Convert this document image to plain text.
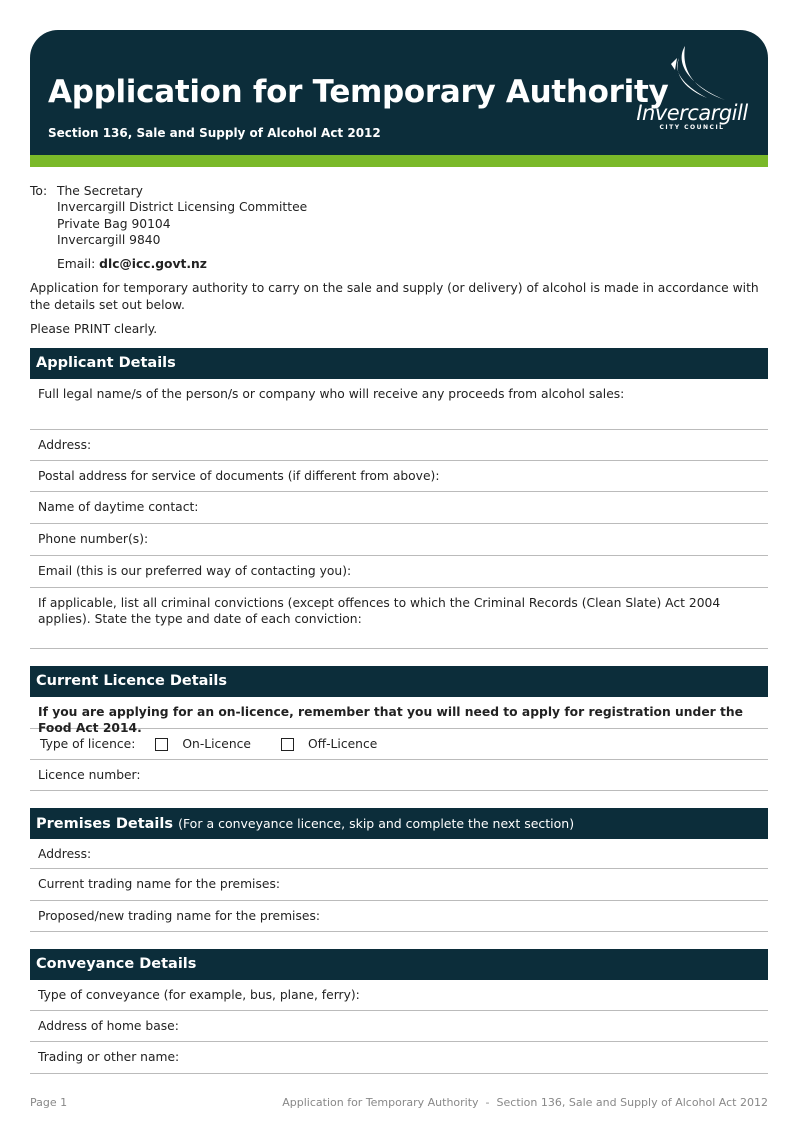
Application for Temporary Authority
Section 136, Sale and Supply of Alcohol Act 2012
Invercargill
CITY COUNCIL
To: The Secretary
Invercargill District Licensing Committee
Private Bag 90104
Invercargill 9840
Email: dlc@icc.govt.nz
Application for temporary authority to carry on the sale and supply (or delivery) of alcohol is made in accordance with the details set out below.
Please PRINT clearly.
Applicant Details
Full legal name/s of the person/s or company who will receive any proceeds from alcohol sales:
Address:
Postal address for service of documents (if different from above):
Name of daytime contact:
Phone number(s):
Email (this is our preferred way of contacting you):
If applicable, list all criminal convictions (except offences to which the Criminal Records (Clean Slate) Act 2004 applies). State the type and date of each conviction:
Current Licence Details
If you are applying for an on-licence, remember that you will need to apply for registration under the Food Act 2014.
Type of licence:	On-Licence	Off-Licence
Licence number:
Premises Details (For a conveyance licence, skip and complete the next section)
Address:
Current trading name for the premises:
Proposed/new trading name for the premises:
Conveyance Details
Type of conveyance (for example, bus, plane, ferry):
Address of home base:
Trading or other name:
Page 1	Application for Temporary Authority  -  Section 136, Sale and Supply of Alcohol Act 2012
